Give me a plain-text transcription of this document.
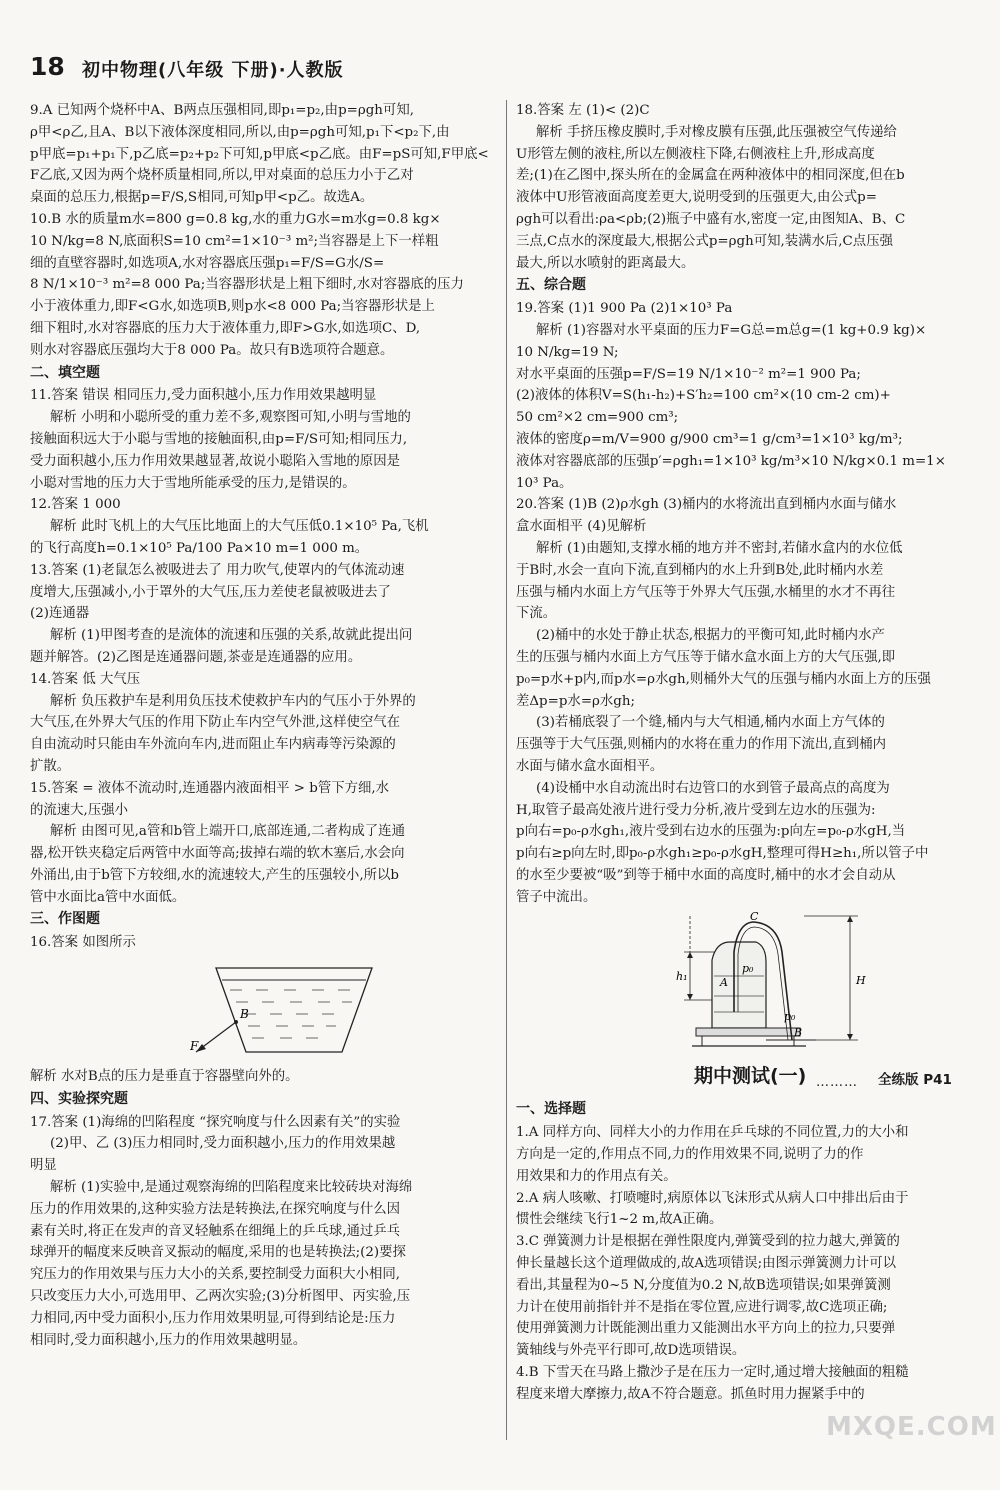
18 初中物理(八年级 下册)·人教版

9.A 已知两个烧杯中A、B两点压强相同,即p₁=p₂,由p=ρgh可知,

ρ甲<ρ乙,且A、B以下液体深度相同,所以,由p=ρgh可知,p₁下<p₂下,由

p甲底=p₁+p₁下,p乙底=p₂+p₂下可知,p甲底<p乙底。由F=pS可知,F甲底<

F乙底,又因为两个烧杯质量相同,所以,甲对桌面的总压力小于乙对

桌面的总压力,根据p=F/S,S相同,可知p甲<p乙。故选A。

10.B 水的质量m水=800 g=0.8 kg,水的重力G水=m水g=0.8 kg×

10 N/kg=8 N,底面积S=10 cm²=1×10⁻³ m²;当容器是上下一样粗

细的直壁容器时,如选项A,水对容器底压强p₁=F/S=G水/S=

8 N/1×10⁻³ m²=8 000 Pa;当容器形状是上粗下细时,水对容器底的压力

小于液体重力,即F<G水,如选项B,则p水<8 000 Pa;当容器形状是上

细下粗时,水对容器底的压力大于液体重力,即F>G水,如选项C、D,

则水对容器底压强均大于8 000 Pa。故只有B选项符合题意。

二、填空题

11.答案 错误 相同压力,受力面积越小,压力作用效果越明显

解析 小明和小聪所受的重力差不多,观察图可知,小明与雪地的

接触面积远大于小聪与雪地的接触面积,由p=F/S可知;相同压力,

受力面积越小,压力作用效果越显著,故说小聪陷入雪地的原因是

小聪对雪地的压力大于雪地所能承受的压力,是错误的。

12.答案 1 000

解析 此时飞机上的大气压比地面上的大气压低0.1×10⁵ Pa,飞机

的飞行高度h=0.1×10⁵ Pa/100 Pa×10 m=1 000 m。

13.答案 (1)老鼠怎么被吸进去了 用力吹气,使罩内的气体流动速

度增大,压强减小,小于罩外的大气压,压力差使老鼠被吸进去了

(2)连通器

解析 (1)甲图考查的是流体的流速和压强的关系,故就此提出问

题并解答。(2)乙图是连通器问题,茶壶是连通器的应用。

14.答案 低 大气压

解析 负压救护车是利用负压技术使救护车内的气压小于外界的

大气压,在外界大气压的作用下防止车内空气外泄,这样使空气在

自由流动时只能由车外流向车内,进而阻止车内病毒等污染源的

扩散。

15.答案 = 液体不流动时,连通器内液面相平 > b管下方细,水

的流速大,压强小

解析 由图可见,a管和b管上端开口,底部连通,二者构成了连通

器,松开铁夹稳定后两管中水面等高;拔掉右端的软木塞后,水会向

外涌出,由于b管下方较细,水的流速较大,产生的压强较小,所以b

管中水面比a管中水面低。

三、作图题

16.答案 如图所示

B
F

解析 水对B点的压力是垂直于容器壁向外的。

四、实验探究题

17.答案 (1)海绵的凹陷程度 “探究响度与什么因素有关”的实验

(2)甲、乙 (3)压力相同时,受力面积越小,压力的作用效果越

明显

解析 (1)实验中,是通过观察海绵的凹陷程度来比较砖块对海绵

压力的作用效果的,这种实验方法是转换法,在探究响度与什么因

素有关时,将正在发声的音叉轻触系在细绳上的乒乓球,通过乒乓

球弹开的幅度来反映音叉振动的幅度,采用的也是转换法;(2)要探

究压力的作用效果与压力大小的关系,要控制受力面积大小相同,

只改变压力大小,可选用甲、乙两次实验;(3)分析图甲、丙实验,压

力相同,丙中受力面积小,压力作用效果明显,可得到结论是:压力

相同时,受力面积越小,压力的作用效果越明显。

18.答案 左 (1)< (2)C

解析 手挤压橡皮膜时,手对橡皮膜有压强,此压强被空气传递给

U形管左侧的液柱,所以左侧液柱下降,右侧液柱上升,形成高度

差;(1)在乙图中,探头所在的金属盒在两种液体中的相同深度,但在b

液体中U形管液面高度差更大,说明受到的压强更大,由公式p=

ρgh可以看出:ρa<ρb;(2)瓶子中盛有水,密度一定,由图知A、B、C

三点,C点水的深度最大,根据公式p=ρgh可知,装满水后,C点压强

最大,所以水喷射的距离最大。

五、综合题

19.答案 (1)1 900 Pa (2)1×10³ Pa

解析 (1)容器对水平桌面的压力F=G总=m总g=(1 kg+0.9 kg)×

10 N/kg=19 N;

对水平桌面的压强p=F/S=19 N/1×10⁻² m²=1 900 Pa;

(2)液体的体积V=S(h₁-h₂)+S′h₂=100 cm²×(10 cm-2 cm)+

50 cm²×2 cm=900 cm³;

液体的密度ρ=m/V=900 g/900 cm³=1 g/cm³=1×10³ kg/m³;

液体对容器底部的压强p′=ρgh₁=1×10³ kg/m³×10 N/kg×0.1 m=1×

10³ Pa。

20.答案 (1)B (2)ρ水gh (3)桶内的水将流出直到桶内水面与储水

盒水面相平 (4)见解析

解析 (1)由题知,支撑水桶的地方并不密封,若储水盒内的水位低

于B时,水会一直向下流,直到桶内的水上升到B处,此时桶内水差

压强与桶内水面上方气压等于外界大气压强,水桶里的水才不再往

下流。

(2)桶中的水处于静止状态,根据力的平衡可知,此时桶内水产

生的压强与桶内水面上方气压等于储水盒水面上方的大气压强,即

p₀=p水+p内,而p水=ρ水gh,则桶外大气的压强与桶内水面上方的压强

差Δp=p水=ρ水gh;

(3)若桶底裂了一个缝,桶内与大气相通,桶内水面上方气体的

压强等于大气压强,则桶内的水将在重力的作用下流出,直到桶内

水面与储水盒水面相平。

(4)设桶中水自动流出时右边管口的水到管子最高点的高度为

H,取管子最高处液片进行受力分析,液片受到左边水的压强为:

p向右=p₀-ρ水gh₁,液片受到右边水的压强为:p向左=p₀-ρ水gH,当

p向右≥p向左时,即p₀-ρ水gh₁≥p₀-ρ水gH,整理可得H≥h₁,所以管子中

的水至少要被“吸”到等于桶中水面的高度时,桶中的水才会自动从

管子中流出。

C
A
h₁
p₀
p₀
H
B
期中测试(一) ……… 全练版 P41
一、选择题

1.A 同样方向、同样大小的力作用在乒乓球的不同位置,力的大小和

方向是一定的,作用点不同,力的作用效果不同,说明了力的作

用效果和力的作用点有关。

2.A 病人咳嗽、打喷嚏时,病原体以飞沫形式从病人口中排出后由于

惯性会继续飞行1~2 m,故A正确。

3.C 弹簧测力计是根据在弹性限度内,弹簧受到的拉力越大,弹簧的

伸长量越长这个道理做成的,故A选项错误;由图示弹簧测力计可以

看出,其量程为0~5 N,分度值为0.2 N,故B选项错误;如果弹簧测

力计在使用前指针并不是指在零位置,应进行调零,故C选项正确;

使用弹簧测力计既能测出重力又能测出水平方向上的拉力,只要弹

簧轴线与外壳平行即可,故D选项错误。

4.B 下雪天在马路上撒沙子是在压力一定时,通过增大接触面的粗糙

程度来增大摩擦力,故A不符合题意。抓鱼时用力握紧手中的

MXQE.COM
